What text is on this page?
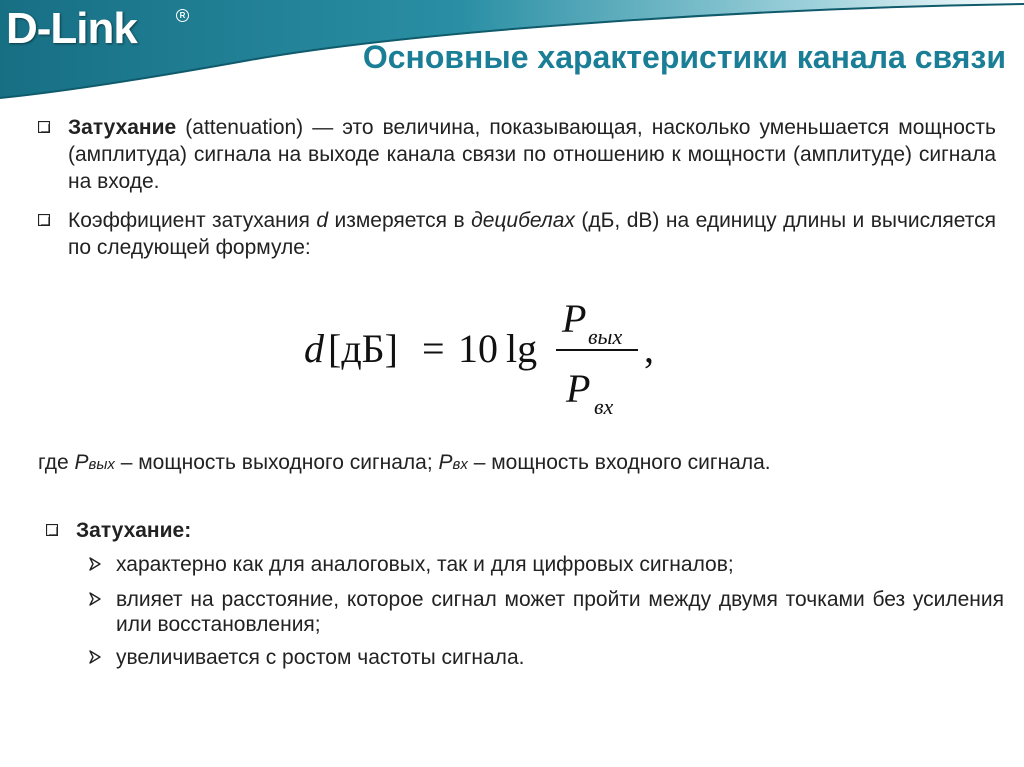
D-Link	R
Основные характеристики канала связи
Затухание (attenuation) — это величина, показывающая, насколько уменьшается мощность (амплитуда) сигнала на выходе канала связи по отношению к мощности (амплитуде) сигнала на входе.
Коэффициент затухания d измеряется в децибелах (дБ, dB) на единицу длины и вычисляется по следующей формуле:
d [дБ] = 10 lg
P вых
P вх
,
где Pвых – мощность выходного сигнала; Pвх – мощность входного сигнала.
Затухание:
характерно как для аналоговых, так и для цифровых сигналов;
влияет на расстояние, которое сигнал может пройти между двумя точками без усиления или восстановления;
увеличивается с ростом частоты сигнала.
